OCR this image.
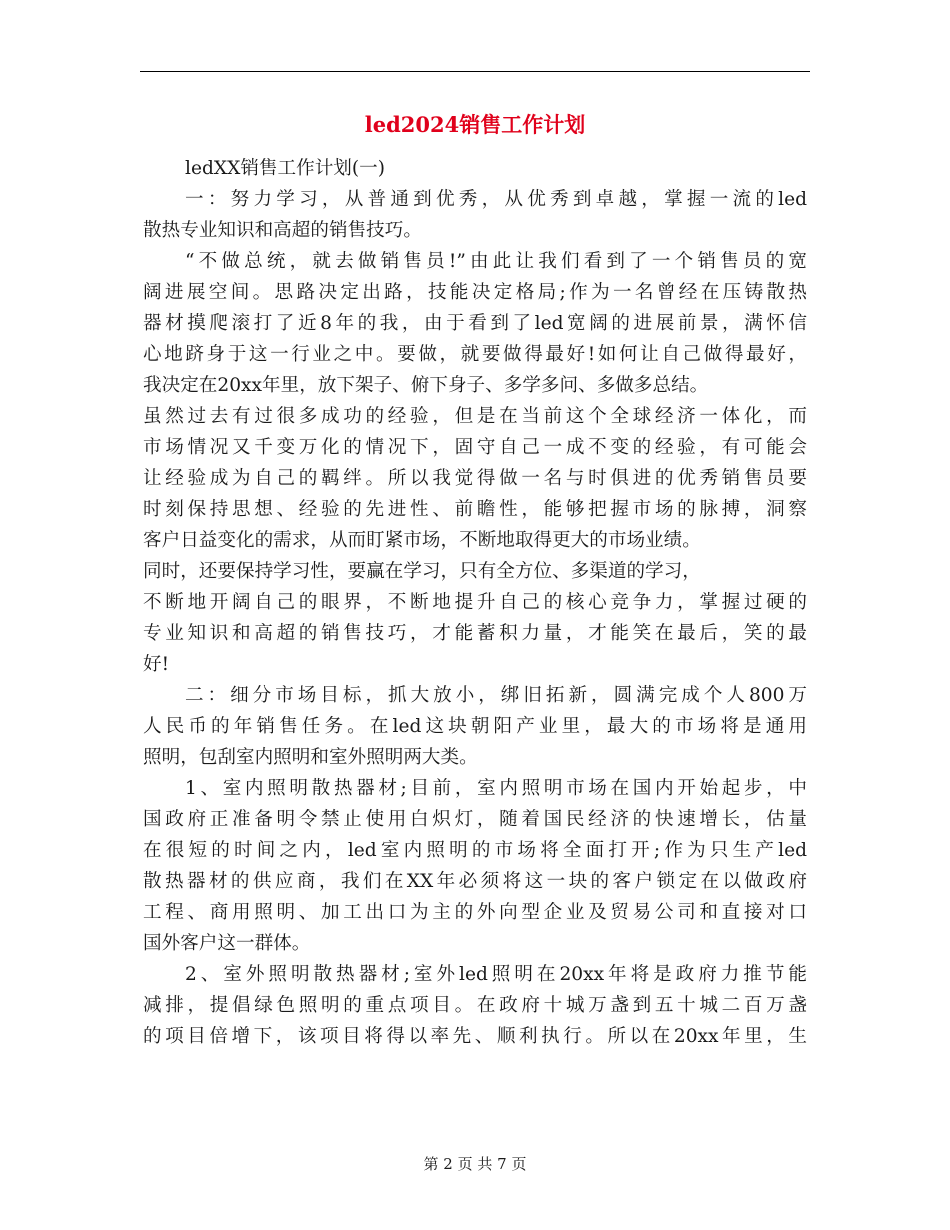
led2024销售工作计划
ledXX销售工作计划(一)
一：努力学习，从普通到优秀，从优秀到卓越，掌握一流的led
散热专业知识和高超的销售技巧。
“不做总统，就去做销售员!”由此让我们看到了一个销售员的宽
阔进展空间。思路决定出路，技能决定格局;作为一名曾经在压铸散热
器材摸爬滚打了近8年的我，由于看到了led宽阔的进展前景，满怀信
心地跻身于这一行业之中。要做，就要做得最好!如何让自己做得最好，
我决定在20xx年里，放下架子、俯下身子、多学多问、多做多总结。
虽然过去有过很多成功的经验，但是在当前这个全球经济一体化，而
市场情况又千变万化的情况下，固守自己一成不变的经验，有可能会
让经验成为自己的羁绊。所以我觉得做一名与时俱进的优秀销售员要
时刻保持思想、经验的先进性、前瞻性，能够把握市场的脉搏，洞察
客户日益变化的需求，从而盯紧市场，不断地取得更大的市场业绩。
同时，还要保持学习性，要赢在学习，只有全方位、多渠道的学习，
不断地开阔自己的眼界，不断地提升自己的核心竞争力，掌握过硬的
专业知识和高超的销售技巧，才能蓄积力量，才能笑在最后，笑的最
好!
二：细分市场目标，抓大放小，绑旧拓新，圆满完成个人800万
人民币的年销售任务。在led这块朝阳产业里，最大的市场将是通用
照明，包刮室内照明和室外照明两大类。
1、室内照明散热器材;目前，室内照明市场在国内开始起步，中
国政府正准备明令禁止使用白炽灯，随着国民经济的快速增长，估量
在很短的时间之内，led室内照明的市场将全面打开;作为只生产led
散热器材的供应商，我们在XX年必须将这一块的客户锁定在以做政府
工程、商用照明、加工出口为主的外向型企业及贸易公司和直接对口
国外客户这一群体。
2、室外照明散热器材;室外led照明在20xx年将是政府力推节能
减排，提倡绿色照明的重点项目。在政府十城万盏到五十城二百万盏
的项目倍增下，该项目将得以率先、顺利执行。所以在20xx年里，生
第 2 页 共 7 页
